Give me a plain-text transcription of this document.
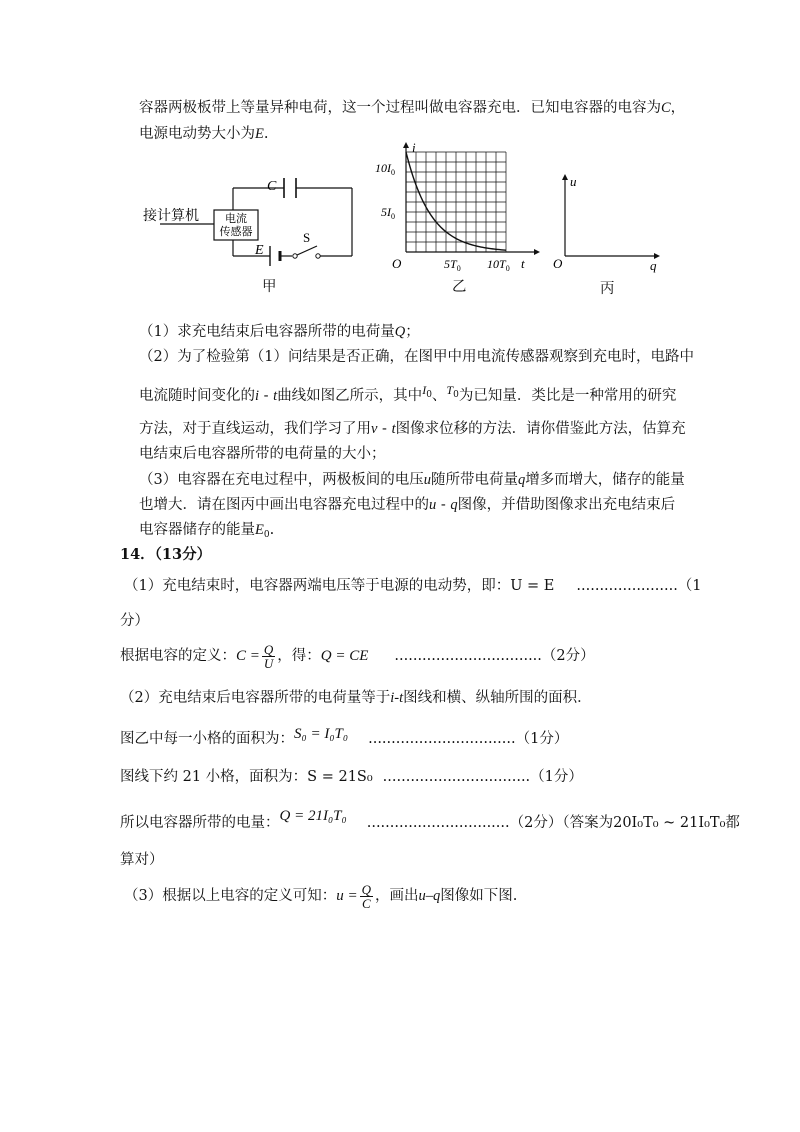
容器两极板带上等量异种电荷，这一个过程叫做电容器充电．已知电容器的电容为C，
电源电动势大小为E.
电流
传感器
接计算机
C
E
S
甲
i
t
O
$10I_0$
$5I_0$
$5T_0$ $10T_0$
乙
u
q
O
丙
（1）求充电结束后电容器所带的电荷量Q；
（2）为了检验第（1）问结果是否正确，在图甲中用电流传感器观察到充电时，电路中
电流随时间变化的i - t曲线如图乙所示，其中$^{I0}$、$^{T0}$为已知量．类比是一种常用的研究
方法，对于直线运动，我们学习了用v - t图像求位移的方法．请你借鉴此方法，估算充
电结束后电容器所带的电荷量的大小；
（3）电容器在充电过程中，两极板间的电压u随所带电荷量q增多而增大，储存的能量
也增大．请在图丙中画出电容器充电过程中的u - q图像，并借助图像求出充电结束后
电容器储存的能量$E_0$.
14．（13分）
（1）充电结束时，电容器两端电压等于电源的电动势，即：U = E ......................（1
分）
根据电容的定义：$C = \frac{Q}{U}$ ，得：Q = CE ................................（2分）
（2）充电结束后电容器所带的电荷量等于i-t图线和横、纵轴所围的面积．
图乙中每一小格的面积为：S₀ = I₀T₀ ................................（1分）
图线下约 21 小格，面积为：S = 21S₀ ................................（1分）
所以电容器所带的电量：Q = 21I₀T₀ ...............................（2分）（答案为20I₀T₀ ~ 21I₀T₀都
算对）
（3）根据以上电容的定义可知：$u = \frac{Q}{C}$ ，画出u–q图像如下图.
